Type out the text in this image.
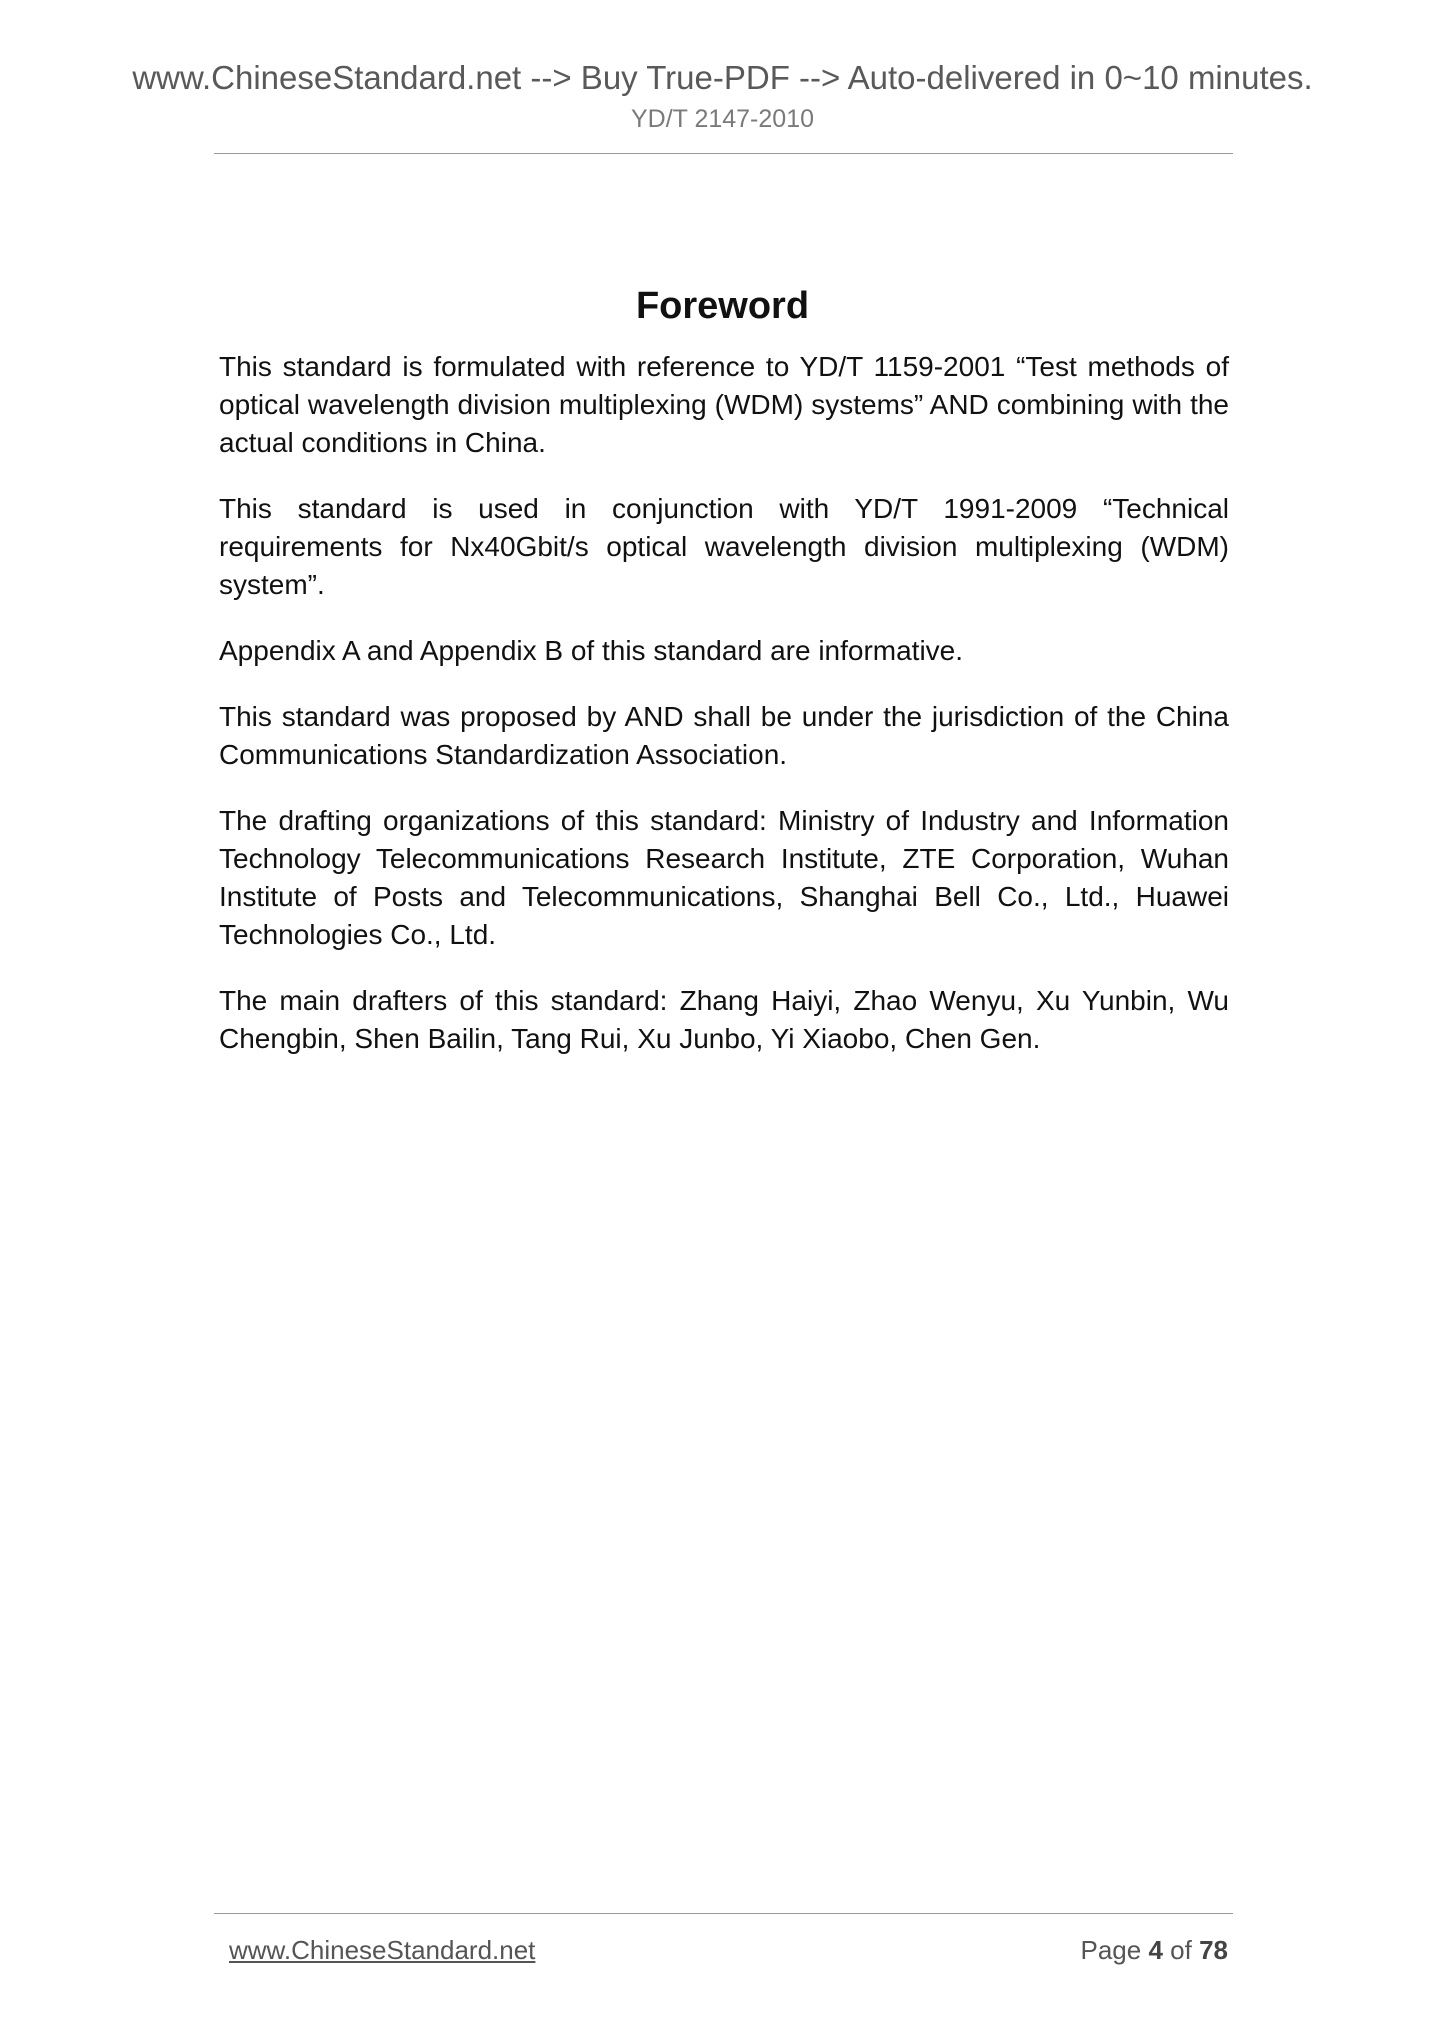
www.ChineseStandard.net --> Buy True-PDF --> Auto-delivered in 0~10 minutes.
YD/T 2147-2010
Foreword

This standard is formulated with reference to YD/T 1159-2001 “Test methods of optical wavelength division multiplexing (WDM) systems” AND combining with the actual conditions in China.

This standard is used in conjunction with YD/T 1991-2009 “Technical requirements for Nx40Gbit/s optical wavelength division multiplexing (WDM) system”.

Appendix A and Appendix B of this standard are informative.

This standard was proposed by AND shall be under the jurisdiction of the China Communications Standardization Association.

The drafting organizations of this standard: Ministry of Industry and Information Technology Telecommunications Research Institute, ZTE Corporation, Wuhan Institute of Posts and Telecommunications, Shanghai Bell Co., Ltd., Huawei Technologies Co., Ltd.

The main drafters of this standard: Zhang Haiyi, Zhao Wenyu, Xu Yunbin, Wu Chengbin, Shen Bailin, Tang Rui, Xu Junbo, Yi Xiaobo, Chen Gen.

www.ChineseStandard.net	Page 4 of 78
